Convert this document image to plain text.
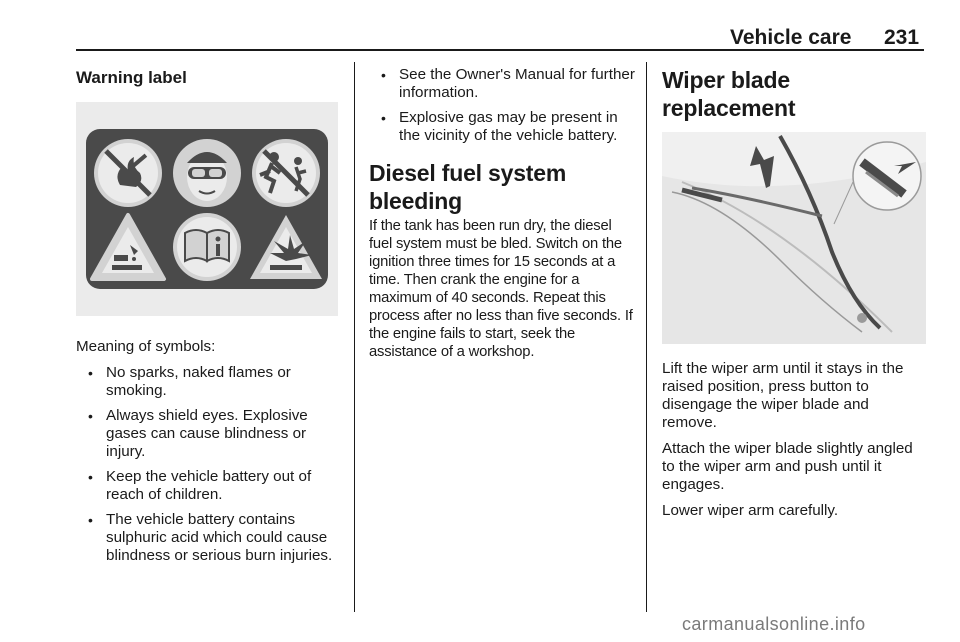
Vehicle care 231
Warning label

Meaning of symbols:

• No sparks, naked flames or smoking.
• Always shield eyes. Explosive gases can cause blindness or injury.
• Keep the vehicle battery out of reach of children.
• The vehicle battery contains sulphuric acid which could cause blindness or serious burn injuries.
• See the Owner's Manual for further information.
• Explosive gas may be present in the vicinity of the vehicle battery.
Diesel fuel system bleeding

If the tank has been run dry, the diesel fuel system must be bled. Switch on the ignition three times for 15 seconds at a time. Then crank the engine for a maximum of 40 seconds. Repeat this process after no less than five seconds. If the engine fails to start, seek the assistance of a workshop.

Wiper blade replacement

Lift the wiper arm until it stays in the raised position, press button to disengage the wiper blade and remove.

Attach the wiper blade slightly angled to the wiper arm and push until it engages.

Lower wiper arm carefully.

carmanualsonline.info
